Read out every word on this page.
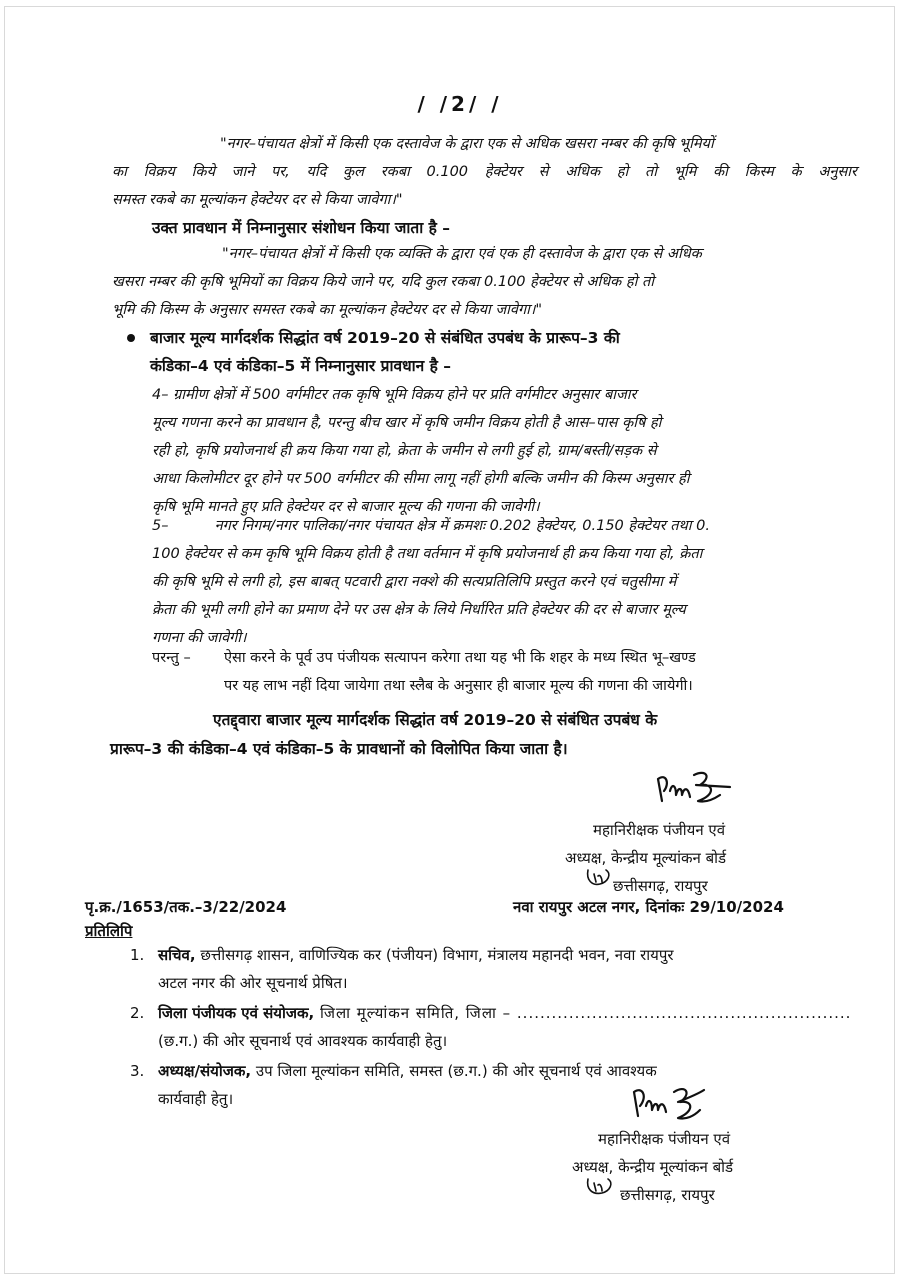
/ /2/ /
"नगर–पंचायत क्षेत्रों में किसी एक दस्तावेज के द्वारा एक से अधिक खसरा नम्बर की कृषि भूमियों
का विक्रय किये जाने पर, यदि कुल रकबा 0.100 हेक्टेयर से अधिक हो तो भूमि की किस्म के अनुसार
समस्त रकबे का मूल्यांकन हेक्टेयर दर से किया जावेगा।"
उक्त प्रावधान में निम्नानुसार संशोधन किया जाता है –
"नगर–पंचायत क्षेत्रों में किसी एक व्यक्ति के द्वारा एवं एक ही दस्तावेज के द्वारा एक से अधिक
खसरा नम्बर की कृषि भूमियों का विक्रय किये जाने पर, यदि कुल रकबा 0.100 हेक्टेयर से अधिक हो तो
भूमि की किस्म के अनुसार समस्त रकबे का मूल्यांकन हेक्टेयर दर से किया जावेगा।"
बाजार मूल्य मार्गदर्शक सिद्धांत वर्ष 2019–20 से संबंधित उपबंध के प्रारूप–3 की
कंडिका–4 एवं कंडिका–5 में निम्नानुसार प्रावधान है –
4– ग्रामीण क्षेत्रों में 500 वर्गमीटर तक कृषि भूमि विक्रय होने पर प्रति वर्गमीटर अनुसार बाजार
मूल्य गणना करने का प्रावधान है, परन्तु बीच खार में कृषि जमीन विक्रय होती है आस–पास कृषि हो
रही हो, कृषि प्रयोजनार्थ ही क्रय किया गया हो, क्रेता के जमीन से लगी हुई हो, ग्राम/बस्ती/सड़क से
आधा किलोमीटर दूर होने पर 500 वर्गमीटर की सीमा लागू नहीं होगी बल्कि जमीन की किस्म अनुसार ही
कृषि भूमि मानते हुए प्रति हेक्टेयर दर से बाजार मूल्य की गणना की जावेगी।
5–          नगर निगम/नगर पालिका/नगर पंचायत क्षेत्र में क्रमशः 0.202 हेक्टेयर, 0.150 हेक्टेयर तथा 0.
100 हेक्टेयर से कम कृषि भूमि विक्रय होती है तथा वर्तमान में कृषि प्रयोजनार्थ ही क्रय किया गया हो, क्रेता
की कृषि भूमि से लगी हो, इस बाबत् पटवारी द्वारा नक्शे की सत्यप्रतिलिपि प्रस्तुत करने एवं चतुसीमा में
क्रेता की भूमी लगी होने का प्रमाण देने पर उस क्षेत्र के लिये निर्धारित प्रति हेक्टेयर की दर से बाजार मूल्य
गणना की जावेगी।
परन्तु – ऐसा करने के पूर्व उप पंजीयक सत्यापन करेगा तथा यह भी कि शहर के मध्य स्थित भू–खण्ड
पर यह लाभ नहीं दिया जायेगा तथा स्लैब के अनुसार ही बाजार मूल्य की गणना की जायेगी।
एतद्द्वारा बाजार मूल्य मार्गदर्शक सिद्धांत वर्ष 2019–20 से संबंधित उपबंध के
प्रारूप–3 की कंडिका–4 एवं कंडिका–5 के प्रावधानों को विलोपित किया जाता है।
महानिरीक्षक पंजीयन एवं
अध्यक्ष, केन्द्रीय मूल्यांकन बोर्ड
छत्तीसगढ़, रायपुर
पृ.क्र./1653/तक.–3/22/2024	नवा रायपुर अटल नगर, दिनांकः 29/10/2024
प्रतिलिपि
1. सचिव, छत्तीसगढ़ शासन, वाणिज्यिक कर (पंजीयन) विभाग, मंत्रालय महानदी भवन, नवा रायपुर
अटल नगर की ओर सूचनार्थ प्रेषित।
2. जिला पंजीयक एवं संयोजक, जिला मूल्यांकन समिति, जिला – ..........................................................
(छ.ग.) की ओर सूचनार्थ एवं आवश्यक कार्यवाही हेतु।
3. अध्यक्ष/संयोजक, उप जिला मूल्यांकन समिति, समस्त (छ.ग.) की ओर सूचनार्थ एवं आवश्यक
कार्यवाही हेतु।
महानिरीक्षक पंजीयन एवं
अध्यक्ष, केन्द्रीय मूल्यांकन बोर्ड
छत्तीसगढ़, रायपुर
